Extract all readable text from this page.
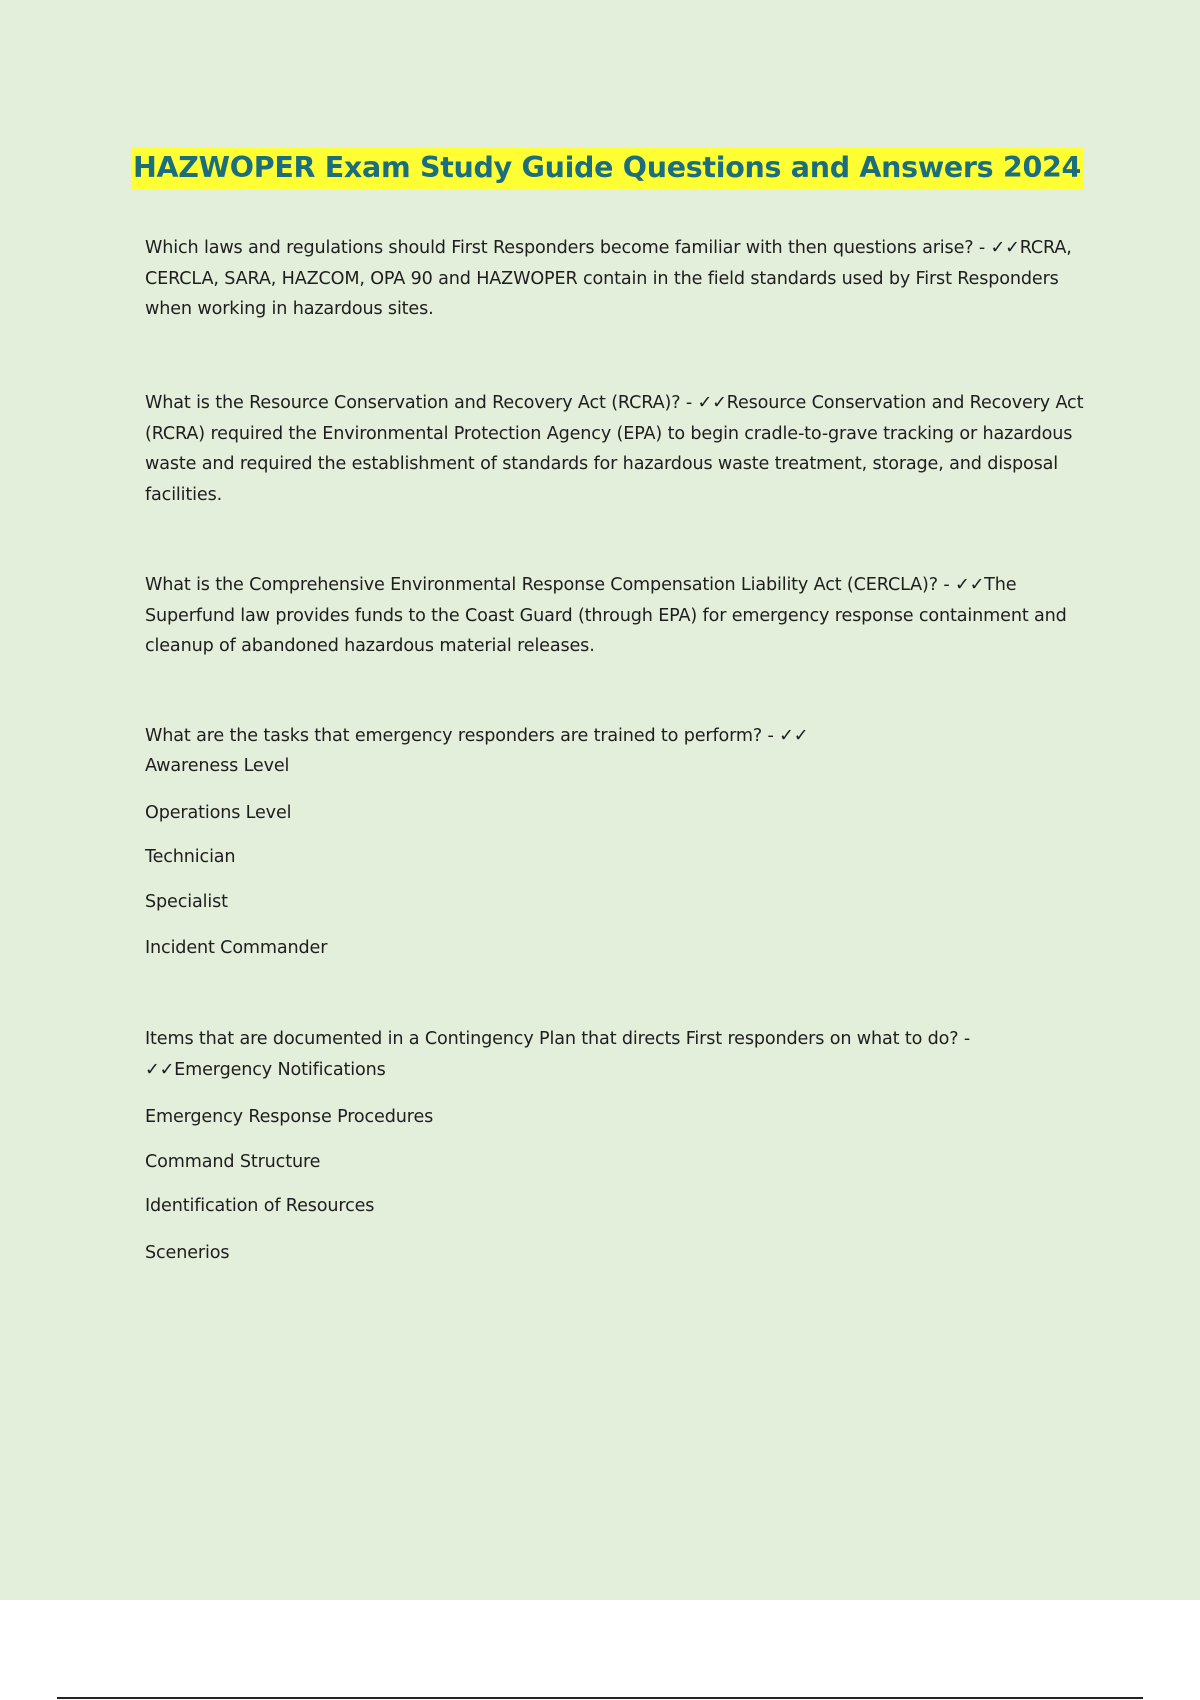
HAZWOPER Exam Study Guide Questions and Answers 2024

Which laws and regulations should First Responders become familiar with then questions arise? - ✓✓RCRA, CERCLA, SARA, HAZCOM, OPA 90 and HAZWOPER contain in the field standards used by First Responders when working in hazardous sites.

What is the Resource Conservation and Recovery Act (RCRA)? - ✓✓Resource Conservation and Recovery Act (RCRA) required the Environmental Protection Agency (EPA) to begin cradle-to-grave tracking or hazardous waste and required the establishment of standards for hazardous waste treatment, storage, and disposal facilities.

What is the Comprehensive Environmental Response Compensation Liability Act (CERCLA)? - ✓✓The Superfund law provides funds to the Coast Guard (through EPA) for emergency response containment and cleanup of abandoned hazardous material releases.

What are the tasks that emergency responders are trained to perform? - ✓✓

Awareness Level
Operations Level
Technician
Specialist
Incident Commander

Items that are documented in a Contingency Plan that directs First responders on what to do? - ✓✓Emergency Notifications

Emergency Response Procedures
Command Structure
Identification of Resources
Scenerios
